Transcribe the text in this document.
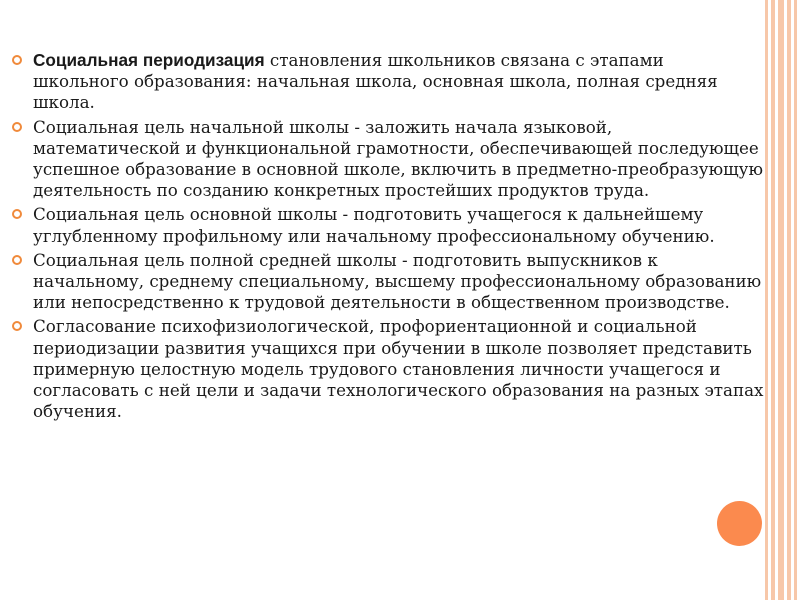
Социальная периодизация становления школьников связана с этапами школьного образования: начальная школа, основная школа, полная средняя школа.
Социальная цель начальной школы - заложить начала языковой, математической и функциональной грамотности, обеспечивающей последующее успешное образование в основной школе, включить в предметно-преобразующую деятельность по созданию конкретных простейших продуктов труда.
Социальная цель основной школы - подготовить учащегося к дальнейшему углубленному профильному или начальному профессиональному обучению.
Социальная цель полной средней школы - подготовить выпускников к начальному, среднему специальному, высшему профессиональному образованию или непосредственно к трудовой деятельности в общественном производстве.
Согласование психофизиологической, профориентационной и социальной периодизации развития учащихся при обучении в школе позволяет представить примерную целостную модель трудового становления личности учащегося и согласовать с ней цели и задачи технологического образования на разных этапах обучения.
